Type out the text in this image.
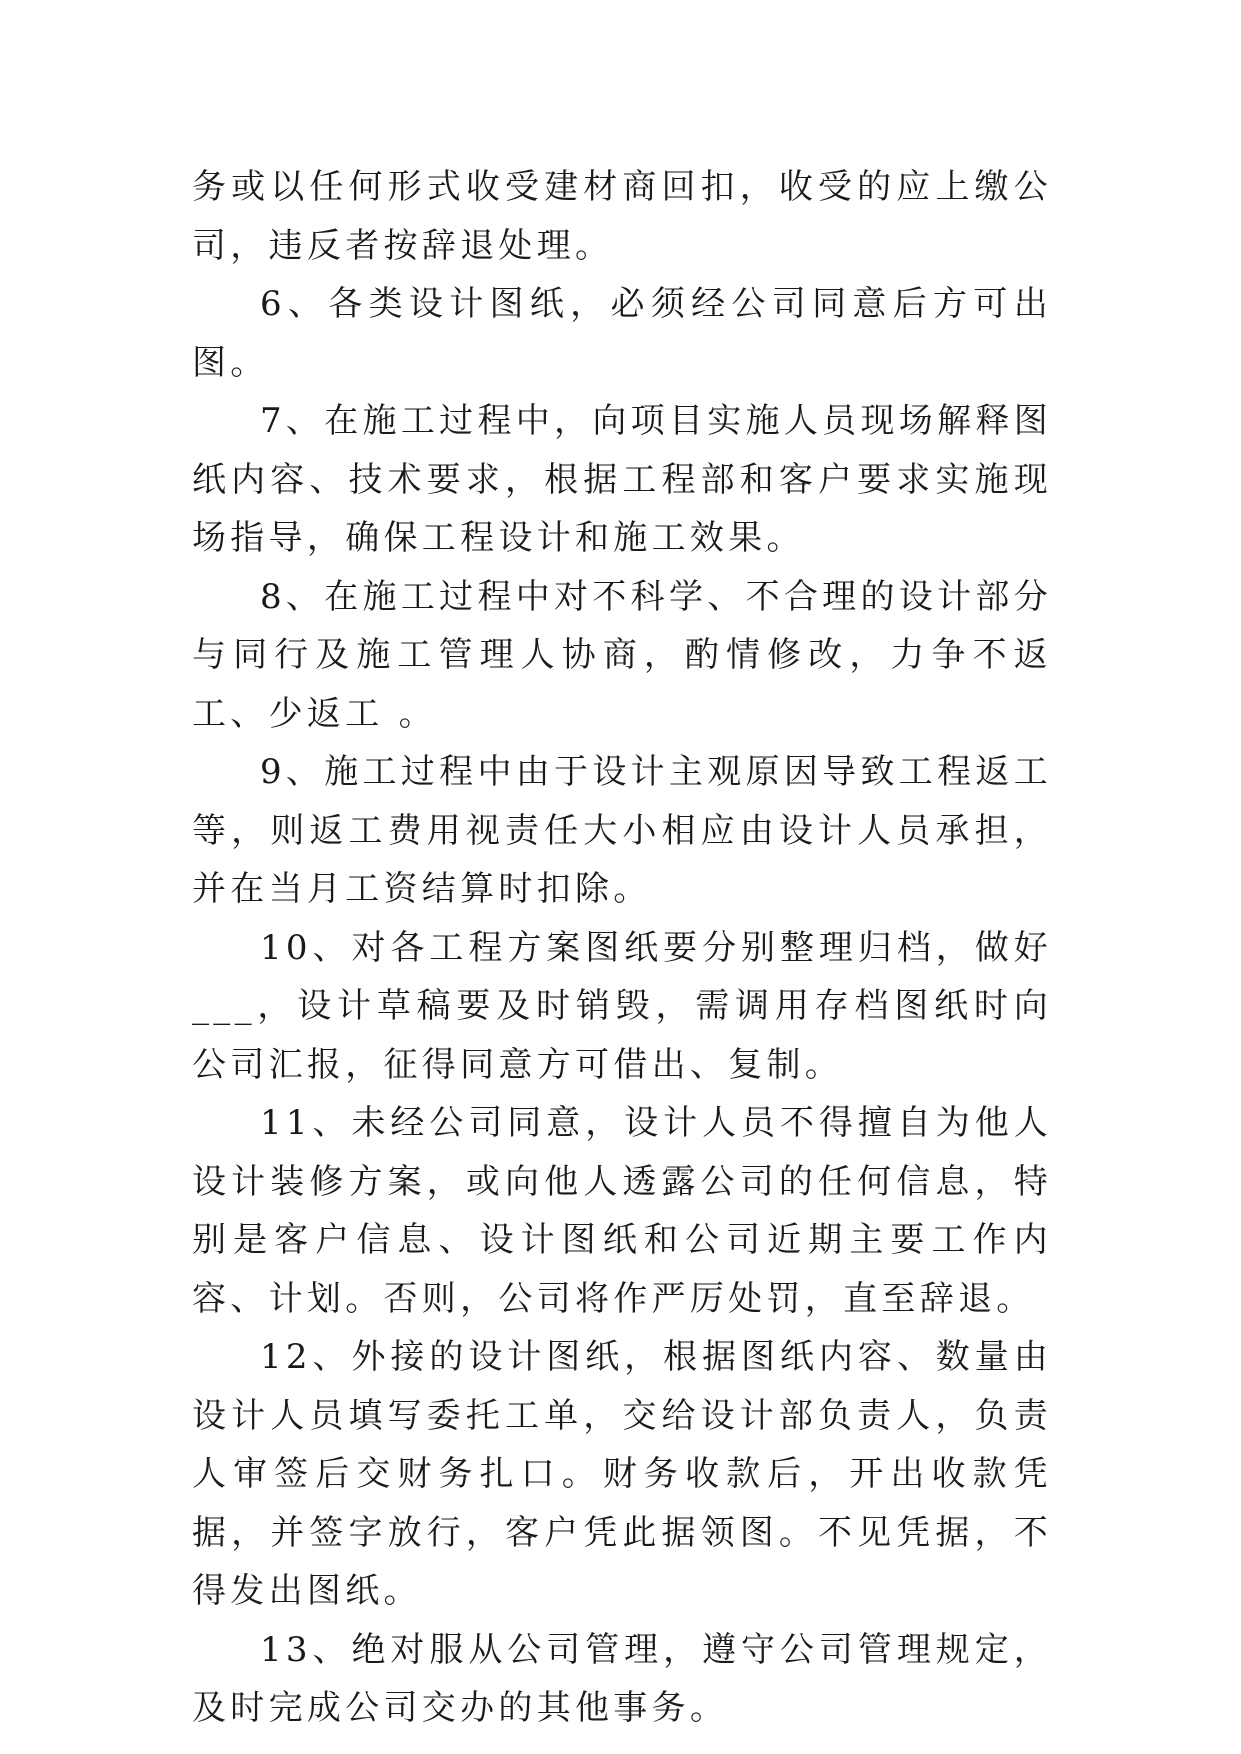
务或以任何形式收受建材商回扣，收受的应上缴公司，违反者按辞退处理。

6、各类设计图纸，必须经公司同意后方可出图。

7、在施工过程中，向项目实施人员现场解释图纸内容、技术要求，根据工程部和客户要求实施现场指导，确保工程设计和施工效果。

8、在施工过程中对不科学、不合理的设计部分与同行及施工管理人协商，酌情修改，力争不返工、少返工 。

9、施工过程中由于设计主观原因导致工程返工等，则返工费用视责任大小相应由设计人员承担，并在当月工资结算时扣除。

10、对各工程方案图纸要分别整理归档，做好___，设计草稿要及时销毁，需调用存档图纸时向公司汇报，征得同意方可借出、复制。

11、未经公司同意，设计人员不得擅自为他人设计装修方案，或向他人透露公司的任何信息，特别是客户信息、设计图纸和公司近期主要工作内容、计划。否则，公司将作严厉处罚，直至辞退。

12、外接的设计图纸，根据图纸内容、数量由设计人员填写委托工单，交给设计部负责人，负责人审签后交财务扎口。财务收款后，开出收款凭据，并签字放行，客户凭此据领图。不见凭据，不得发出图纸。

13、绝对服从公司管理，遵守公司管理规定，及时完成公司交办的其他事务。
